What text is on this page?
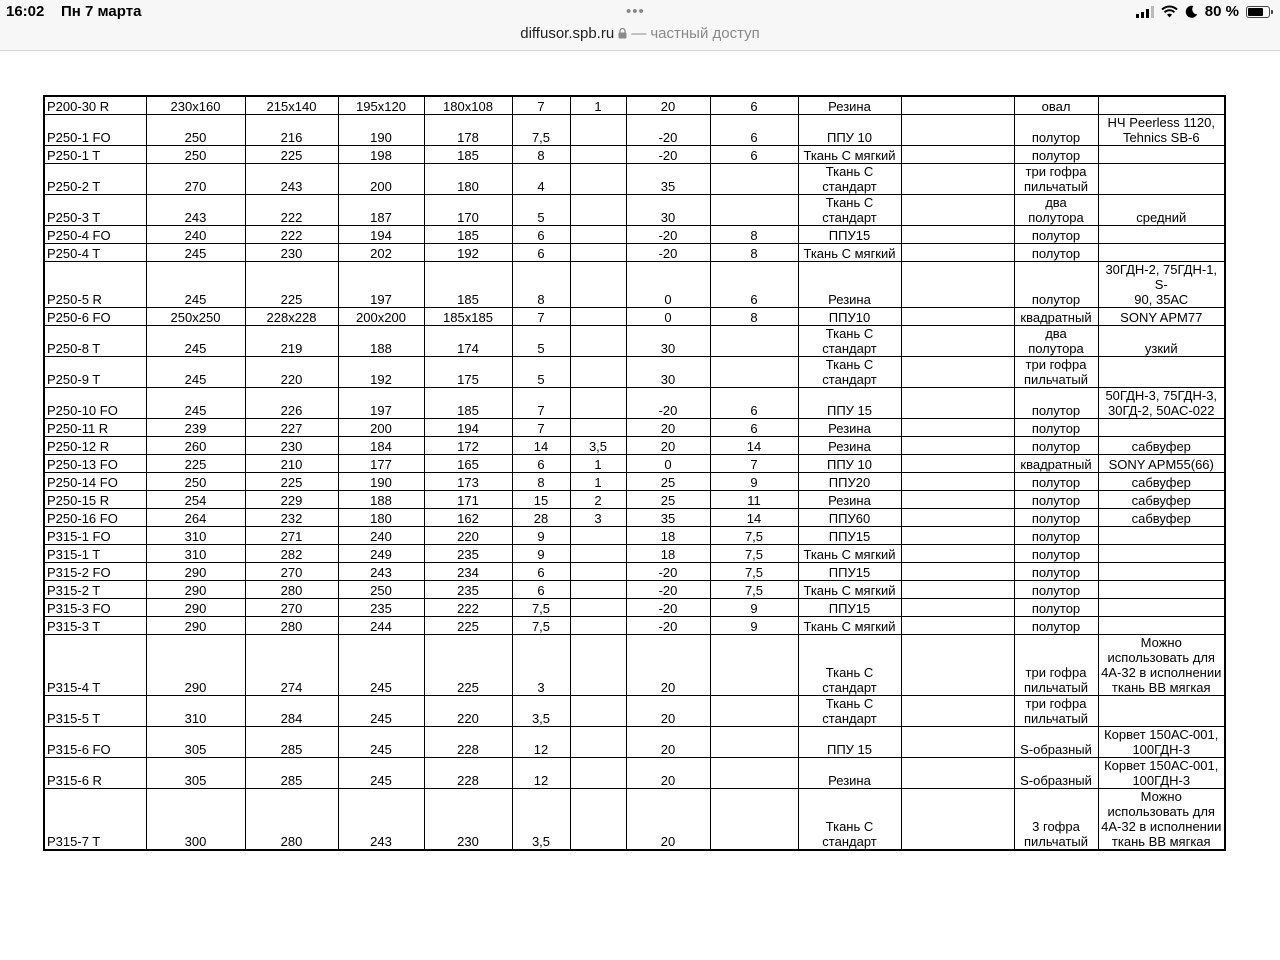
16:02 Пн 7 марта	•••	80 %
diffusor.spb.ru — частный доступ
P200-30 R	230x160	215x140	195x120	180x108	7	1	20	6	Резина		овал	
P250-1 FO	250	216	190	178	7,5		-20	6	ППУ 10		полутор	НЧ Peerless 1120,
Tehnics SB-6
P250-1 T	250	225	198	185	8		-20	6	Ткань С мягкий		полутор	
P250-2 T	270	243	200	180	4		35		Ткань С
стандарт		три гофра
пильчатый	
P250-3 T	243	222	187	170	5		30		Ткань С
стандарт		два
полутора	средний
P250-4 FO	240	222	194	185	6		-20	8	ППУ15		полутор	
P250-4 T	245	230	202	192	6		-20	8	Ткань С мягкий		полутор	
P250-5 R	245	225	197	185	8		0	6	Резина		полутор	30ГДН-2, 75ГДН-1, S-
90, 35АС
P250-6 FO	250x250	228x228	200x200	185x185	7		0	8	ППУ10		квадратный	SONY APM77
P250-8 T	245	219	188	174	5		30		Ткань С
стандарт		два
полутора	узкий
P250-9 T	245	220	192	175	5		30		Ткань С
стандарт		три гофра
пильчатый	
P250-10 FO	245	226	197	185	7		-20	6	ППУ 15		полутор	50ГДН-3, 75ГДН-3,
30ГД-2, 50АС-022
P250-11 R	239	227	200	194	7		20	6	Резина		полутор	
P250-12 R	260	230	184	172	14	3,5	20	14	Резина		полутор	сабвуфер
P250-13 FO	225	210	177	165	6	1	0	7	ППУ 10		квадратный	SONY APM55(66)
P250-14 FO	250	225	190	173	8	1	25	9	ППУ20		полутор	сабвуфер
P250-15 R	254	229	188	171	15	2	25	11	Резина		полутор	сабвуфер
P250-16 FO	264	232	180	162	28	3	35	14	ППУ60		полутор	сабвуфер
P315-1 FO	310	271	240	220	9		18	7,5	ППУ15		полутор	
P315-1 T	310	282	249	235	9		18	7,5	Ткань С мягкий		полутор	
P315-2 FO	290	270	243	234	6		-20	7,5	ППУ15		полутор	
P315-2 T	290	280	250	235	6		-20	7,5	Ткань С мягкий		полутор	
P315-3 FO	290	270	235	222	7,5		-20	9	ППУ15		полутор	
P315-3 T	290	280	244	225	7,5		-20	9	Ткань С мягкий		полутор	
P315-4 T	290	274	245	225	3		20		Ткань С
стандарт		три гофра
пильчатый	Можно
использовать для
4А-32 в исполнении
ткань ВВ мягкая
P315-5 T	310	284	245	220	3,5		20		Ткань С
стандарт		три гофра
пильчатый	
P315-6 FO	305	285	245	228	12		20		ППУ 15		S-образный	Корвет 150АС-001,
100ГДН-3
P315-6 R	305	285	245	228	12		20		Резина		S-образный	Корвет 150АС-001,
100ГДН-3
P315-7 T	300	280	243	230	3,5		20		Ткань С
стандарт		3 гофра
пильчатый	Можно
использовать для
4А-32 в исполнении
ткань ВВ мягкая
